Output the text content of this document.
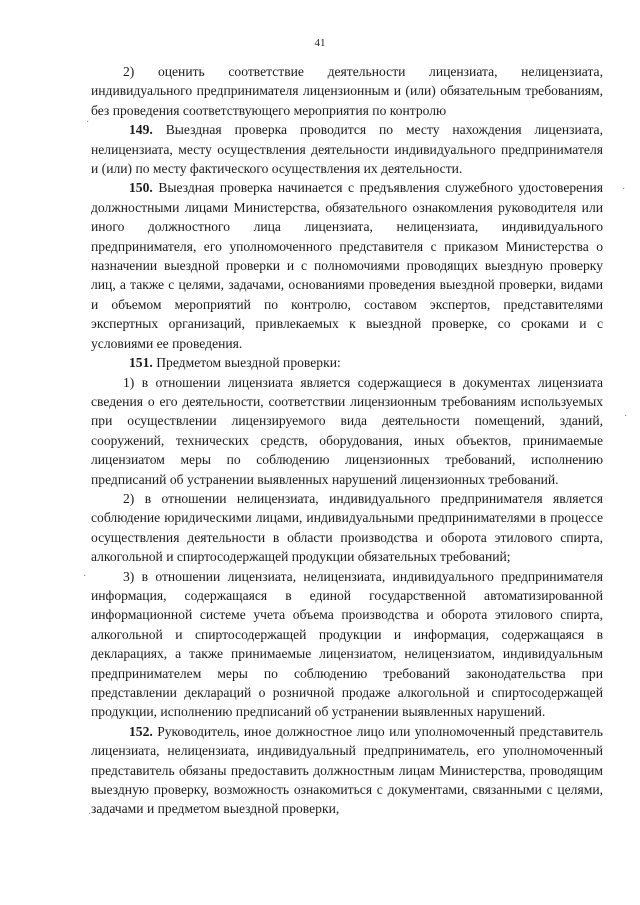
41

2) оценить соответствие деятельности лицензиата, нелицензиата, индивидуального предпринимателя лицензионным и (или) обязательным требованиям, без проведения соответствующего мероприятия по контролю

149. Выездная проверка проводится по месту нахождения лицензиата, нелицензиата, месту осуществления деятельности индивидуального предпринимателя и (или) по месту фактического осуществления их деятельности.

150. Выездная проверка начинается с предъявления служебного удостоверения должностными лицами Министерства, обязательного ознакомления руководителя или иного должностного лица лицензиата, нелицензиата, индивидуального предпринимателя, его уполномоченного представителя с приказом Министерства о назначении выездной проверки и с полномочиями проводящих выездную проверку лиц, а также с целями, задачами, основаниями проведения выездной проверки, видами и объемом мероприятий по контролю, составом экспертов, представителями экспертных организаций, привлекаемых к выездной проверке, со сроками и с условиями ее проведения.

151. Предметом выездной проверки:

1) в отношении лицензиата является содержащиеся в документах лицензиата сведения о его деятельности, соответствии лицензионным требованиям используемых при осуществлении лицензируемого вида деятельности помещений, зданий, сооружений, технических средств, оборудования, иных объектов, принимаемые лицензиатом меры по соблюдению лицензионных требований, исполнению предписаний об устранении выявленных нарушений лицензионных требований.

2) в отношении нелицензиата, индивидуального предпринимателя является соблюдение юридическими лицами, индивидуальными предпринимателями в процессе осуществления деятельности в области производства и оборота этилового спирта, алкогольной и спиртосодержащей продукции обязательных требований;

3) в отношении лицензиата, нелицензиата, индивидуального предпринимателя информация, содержащаяся в единой государственной автоматизированной информационной системе учета объема производства и оборота этилового спирта, алкогольной и спиртосодержащей продукции и информация, содержащаяся в декларациях, а также принимаемые лицензиатом, нелицензиатом, индивидуальным предпринимателем меры по соблюдению требований законодательства при представлении деклараций о розничной продаже алкогольной и спиртосодержащей продукции, исполнению предписаний об устранении выявленных нарушений.

152. Руководитель, иное должностное лицо или уполномоченный представитель лицензиата, нелицензиата, индивидуальный предприниматель, его уполномоченный представитель обязаны предоставить должностным лицам Министерства, проводящим выездную проверку, возможность ознакомиться с документами, связанными с целями, задачами и предметом выездной проверки,

·
·
·
·
·
